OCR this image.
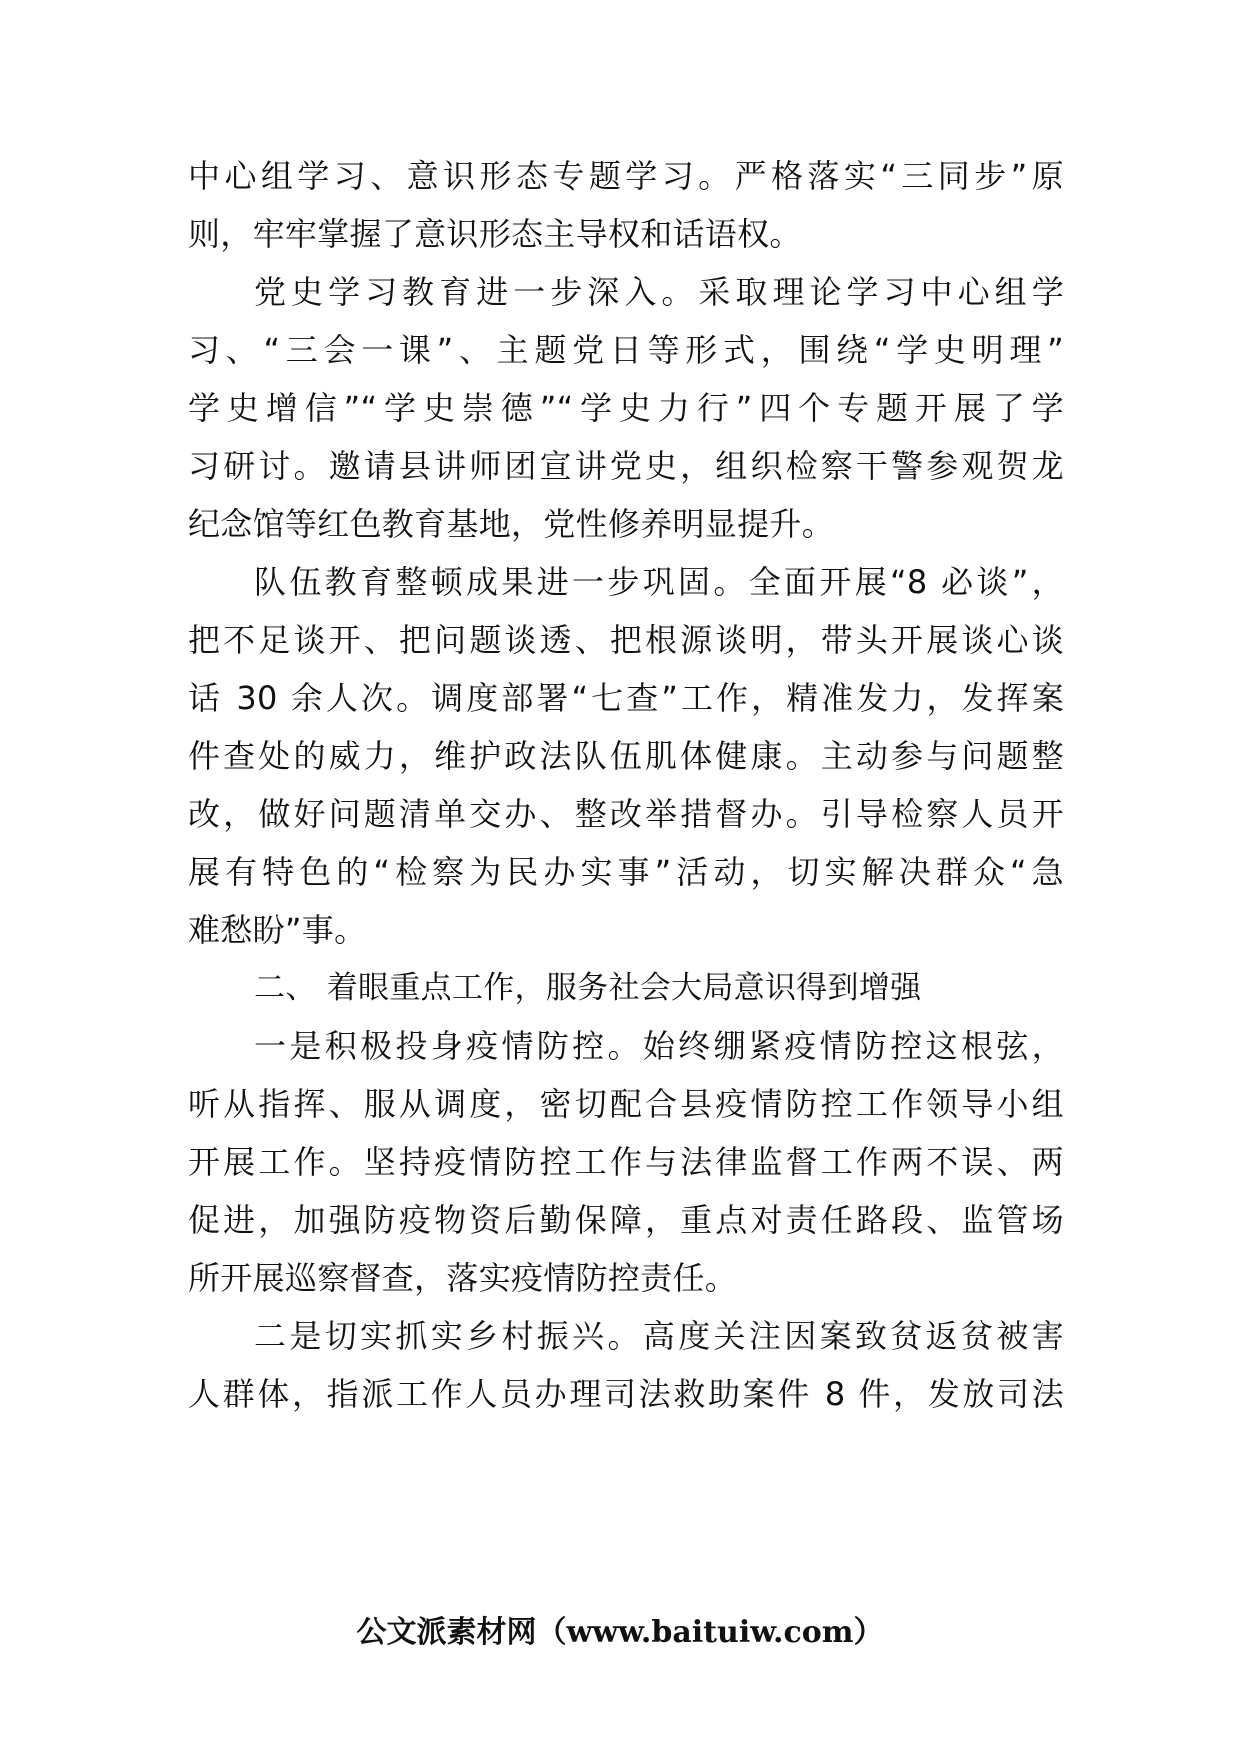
中心组学习、意识形态专题学习。严格落实“三同步”原
则，牢牢掌握了意识形态主导权和话语权。
党史学习教育进一步深入。采取理论学习中心组学
习、“三会一课”、主题党日等形式，围绕“学史明理”
学史增信”“学史崇德”“学史力行”四个专题开展了学
习研讨。邀请县讲师团宣讲党史，组织检察干警参观贺龙
纪念馆等红色教育基地，党性修养明显提升。
队伍教育整顿成果进一步巩固。全面开展“8 必谈”，
把不足谈开、把问题谈透、把根源谈明，带头开展谈心谈
话 30 余人次。调度部署“七查”工作，精准发力，发挥案
件查处的威力，维护政法队伍肌体健康。主动参与问题整
改，做好问题清单交办、整改举措督办。引导检察人员开
展有特色的“检察为民办实事”活动，切实解决群众“急
难愁盼”事。
二、 着眼重点工作，服务社会大局意识得到增强
一是积极投身疫情防控。始终绷紧疫情防控这根弦，
听从指挥、服从调度，密切配合县疫情防控工作领导小组
开展工作。坚持疫情防控工作与法律监督工作两不误、两
促进，加强防疫物资后勤保障，重点对责任路段、监管场
所开展巡察督查，落实疫情防控责任。
二是切实抓实乡村振兴。高度关注因案致贫返贫被害
人群体，指派工作人员办理司法救助案件 8 件，发放司法
公文派素材网（www.baituiw.com）
